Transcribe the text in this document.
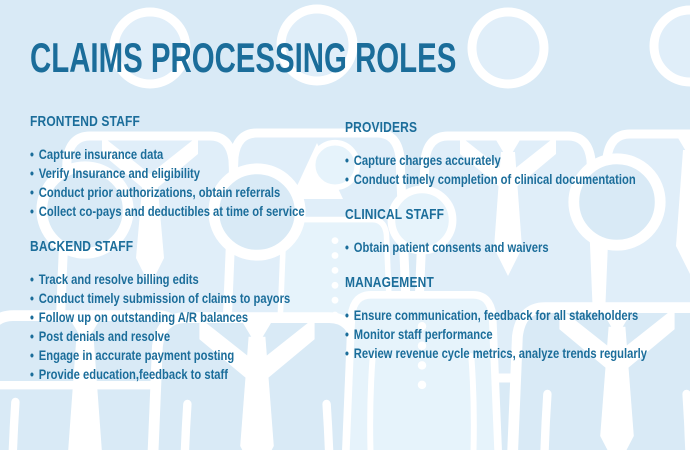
CLAIMS PROCESSING ROLES
FRONTEND STAFF
• Capture insurance data
• Verify Insurance and eligibility
• Conduct prior authorizations, obtain referrals
• Collect co-pays and deductibles at time of service
BACKEND STAFF
• Track and resolve billing edits
• Conduct timely submission of claims to payors
• Follow up on outstanding A/R balances
• Post denials and resolve
• Engage in accurate payment posting
• Provide education,feedback to staff
PROVIDERS
• Capture charges accurately
• Conduct timely completion of clinical documentation
CLINICAL STAFF
• Obtain patient consents and waivers
MANAGEMENT
• Ensure communication, feedback for all stakeholders
• Monitor staff performance
• Review revenue cycle metrics, analyze trends regularly
